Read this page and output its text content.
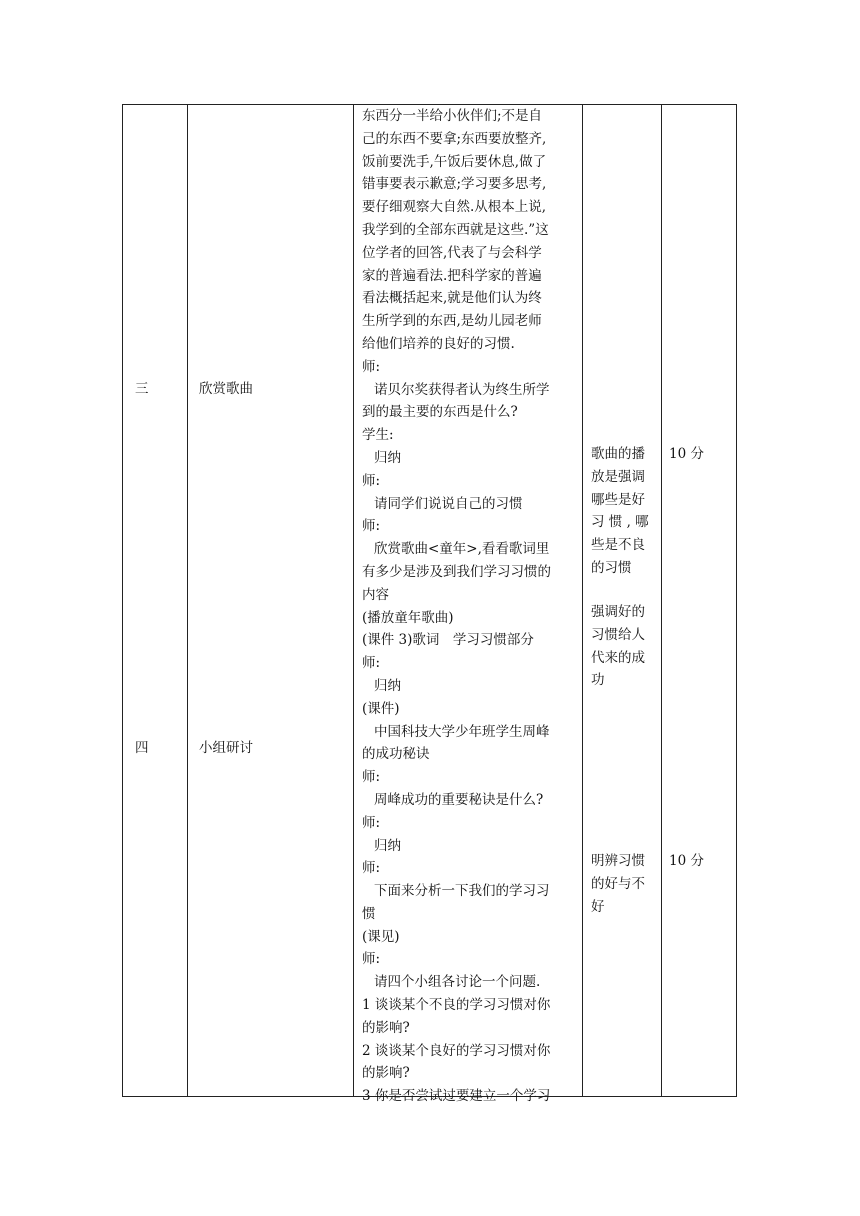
三
四
欣赏歌曲
小组研讨
东西分一半给小伙伴们;不是自
己的东西不要拿;东西要放整齐,
饭前要洗手,午饭后要休息,做了
错事要表示歉意;学习要多思考,
要仔细观察大自然.从根本上说,
我学到的全部东西就是这些.”这
位学者的回答,代表了与会科学
家的普遍看法.把科学家的普遍
看法概括起来,就是他们认为终
生所学到的东西,是幼儿园老师
给他们培养的良好的习惯.
师:
诺贝尔奖获得者认为终生所学
到的最主要的东西是什么?
学生:
归纳
师:
请同学们说说自己的习惯
师:
欣赏歌曲<童年>,看看歌词里
有多少是涉及到我们学习习惯的
内容
(播放童年歌曲)
(课件 3)歌词　学习习惯部分
师:
归纳
(课件)
中国科技大学少年班学生周峰
的成功秘诀
师:
周峰成功的重要秘诀是什么?
师:
归纳
师:
下面来分析一下我们的学习习
惯
(课见)
师:
请四个小组各讨论一个问题.
1 谈谈某个不良的学习习惯对你
的影响?
2 谈谈某个良好的学习习惯对你
的影响?
3 你是否尝试过要建立一个学习
歌曲的播
放是强调
哪些是好
习 惯 , 哪
些是不良
的习惯
强调好的
习惯给人
代来的成
功
明辨习惯
的好与不
好
10 分
10 分
